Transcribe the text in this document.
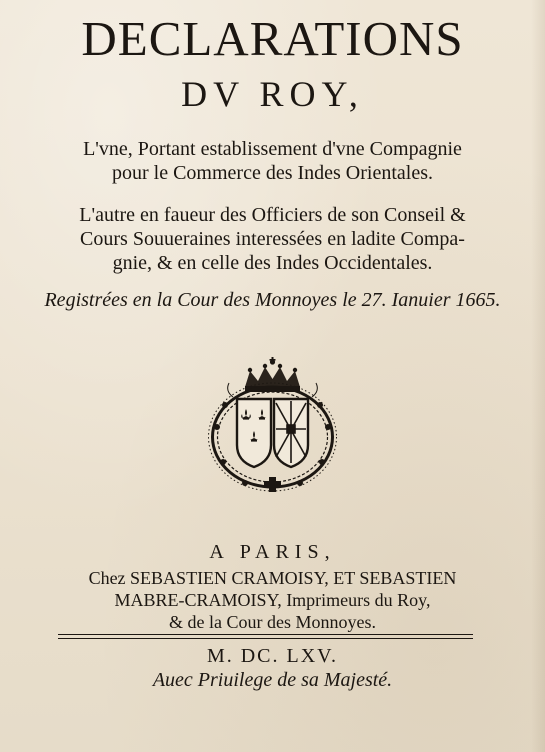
DECLARATIONS
DV ROY,
L'vne, Portant establissement d'vne Compagnie
pour le Commerce des Indes Orientales.
L'autre en faueur des Officiers de son Conseil &
Cours Souueraines interessées en ladite Compa-
gnie, & en celle des Indes Occidentales.
Registrées en la Cour des Monnoyes le 27. Ianuier 1665.
A PARIS,
Chez SEBASTIEN CRAMOISY, ET SEBASTIEN
MABRE-CRAMOISY, Imprimeurs du Roy,
& de la Cour des Monnoyes.
M. DC. LXV.
Auec Priuilege de sa Majesté.
